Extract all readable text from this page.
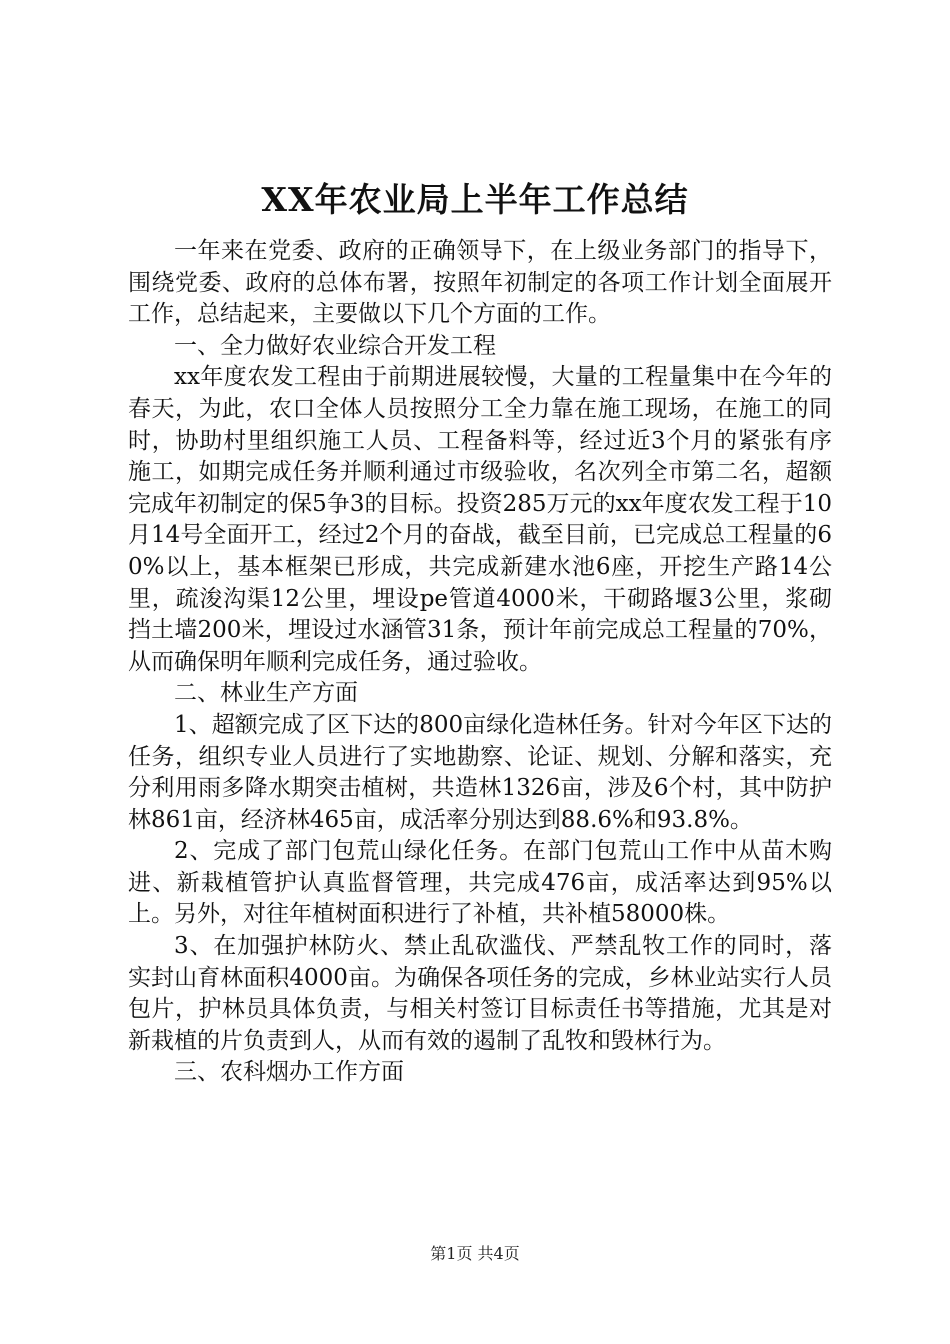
XX年农业局上半年工作总结

一年来在党委、政府的正确领导下，在上级业务部门的指导下，围绕党委、政府的总体布署，按照年初制定的各项工作计划全面展开工作，总结起来，主要做以下几个方面的工作。

一、全力做好农业综合开发工程

xx年度农发工程由于前期进展较慢，大量的工程量集中在今年的春天，为此，农口全体人员按照分工全力靠在施工现场，在施工的同时，协助村里组织施工人员、工程备料等，经过近3个月的紧张有序施工，如期完成任务并顺利通过市级验收，名次列全市第二名，超额完成年初制定的保5争3的目标。投资285万元的xx年度农发工程于10月14号全面开工，经过2个月的奋战，截至目前，已完成总工程量的60%以上，基本框架已形成，共完成新建水池6座，开挖生产路14公里，疏浚沟渠12公里，埋设pe管道4000米，干砌路堰3公里，浆砌挡土墙200米，埋设过水涵管31条，预计年前完成总工程量的70%，从而确保明年顺利完成任务，通过验收。

二、林业生产方面

1、超额完成了区下达的800亩绿化造林任务。针对今年区下达的任务，组织专业人员进行了实地勘察、论证、规划、分解和落实，充分利用雨多降水期突击植树，共造林1326亩，涉及6个村，其中防护林861亩，经济林465亩，成活率分别达到88.6%和93.8%。

2、完成了部门包荒山绿化任务。在部门包荒山工作中从苗木购进、新栽植管护认真监督管理，共完成476亩，成活率达到95%以上。另外，对往年植树面积进行了补植，共补植58000株。

3、在加强护林防火、禁止乱砍滥伐、严禁乱牧工作的同时，落实封山育林面积4000亩。为确保各项任务的完成，乡林业站实行人员包片，护林员具体负责，与相关村签订目标责任书等措施，尤其是对新栽植的片负责到人，从而有效的遏制了乱牧和毁林行为。

三、农科烟办工作方面

第1页 共4页
